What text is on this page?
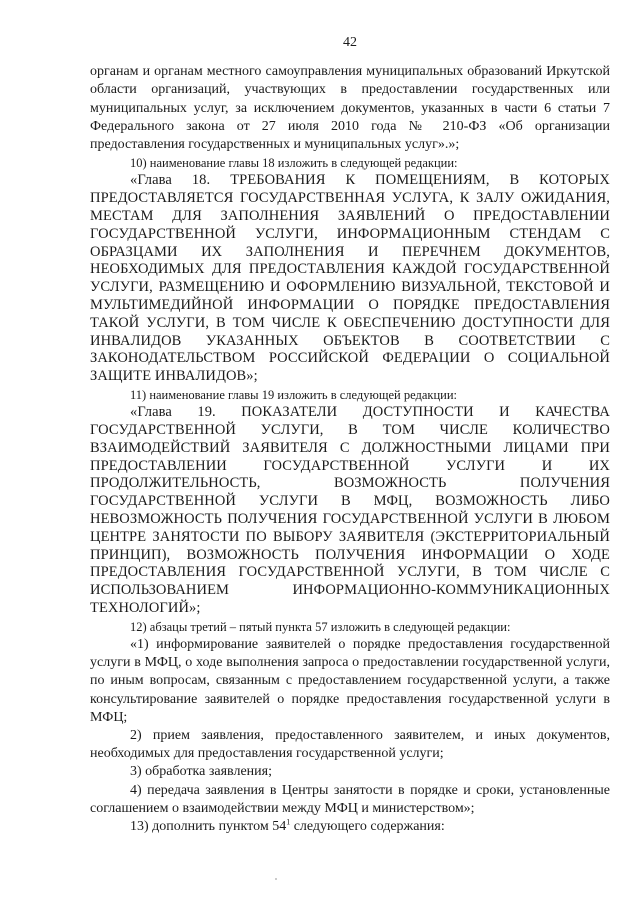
42

органам и органам местного самоуправления муниципальных образований Иркутской области организаций, участвующих в предоставлении государственных или муниципальных услуг, за исключением документов, указанных в части 6 статьи 7 Федерального закона от 27 июля 2010 года № 210-ФЗ «Об организации предоставления государственных и муниципальных услуг».»;

10) наименование главы 18 изложить в следующей редакции:

«Глава 18. ТРЕБОВАНИЯ К ПОМЕЩЕНИЯМ, В КОТОРЫХ ПРЕДОСТАВЛЯЕТСЯ ГОСУДАРСТВЕННАЯ УСЛУГА, К ЗАЛУ ОЖИДАНИЯ, МЕСТАМ ДЛЯ ЗАПОЛНЕНИЯ ЗАЯВЛЕНИЙ О ПРЕДОСТАВЛЕНИИ ГОСУДАРСТВЕННОЙ УСЛУГИ, ИНФОРМАЦИОННЫМ СТЕНДАМ С ОБРАЗЦАМИ ИХ ЗАПОЛНЕНИЯ И ПЕРЕЧНЕМ ДОКУМЕНТОВ, НЕОБХОДИМЫХ ДЛЯ ПРЕДОСТАВЛЕНИЯ КАЖДОЙ ГОСУДАРСТВЕННОЙ УСЛУГИ, РАЗМЕЩЕНИЮ И ОФОРМЛЕНИЮ ВИЗУАЛЬНОЙ, ТЕКСТОВОЙ И МУЛЬТИМЕДИЙНОЙ ИНФОРМАЦИИ О ПОРЯДКЕ ПРЕДОСТАВЛЕНИЯ ТАКОЙ УСЛУГИ, В ТОМ ЧИСЛЕ К ОБЕСПЕЧЕНИЮ ДОСТУПНОСТИ ДЛЯ ИНВАЛИДОВ УКАЗАННЫХ ОБЪЕКТОВ В СООТВЕТСТВИИ С ЗАКОНОДАТЕЛЬСТВОМ РОССИЙСКОЙ ФЕДЕРАЦИИ О СОЦИАЛЬНОЙ ЗАЩИТЕ ИНВАЛИДОВ»;

11) наименование главы 19 изложить в следующей редакции:

«Глава 19. ПОКАЗАТЕЛИ ДОСТУПНОСТИ И КАЧЕСТВА ГОСУДАРСТВЕННОЙ УСЛУГИ, В ТОМ ЧИСЛЕ КОЛИЧЕСТВО ВЗАИМОДЕЙСТВИЙ ЗАЯВИТЕЛЯ С ДОЛЖНОСТНЫМИ ЛИЦАМИ ПРИ ПРЕДОСТАВЛЕНИИ ГОСУДАРСТВЕННОЙ УСЛУГИ И ИХ ПРОДОЛЖИТЕЛЬНОСТЬ, ВОЗМОЖНОСТЬ ПОЛУЧЕНИЯ ГОСУДАРСТВЕННОЙ УСЛУГИ В МФЦ, ВОЗМОЖНОСТЬ ЛИБО НЕВОЗМОЖНОСТЬ ПОЛУЧЕНИЯ ГОСУДАРСТВЕННОЙ УСЛУГИ В ЛЮБОМ ЦЕНТРЕ ЗАНЯТОСТИ ПО ВЫБОРУ ЗАЯВИТЕЛЯ (ЭКСТЕРРИТОРИАЛЬНЫЙ ПРИНЦИП), ВОЗМОЖНОСТЬ ПОЛУЧЕНИЯ ИНФОРМАЦИИ О ХОДЕ ПРЕДОСТАВЛЕНИЯ ГОСУДАРСТВЕННОЙ УСЛУГИ, В ТОМ ЧИСЛЕ С ИСПОЛЬЗОВАНИЕМ ИНФОРМАЦИОННО-КОММУНИКАЦИОННЫХ ТЕХНОЛОГИЙ»;

12) абзацы третий – пятый пункта 57 изложить в следующей редакции:

«1) информирование заявителей о порядке предоставления государственной услуги в МФЦ, о ходе выполнения запроса о предоставлении государственной услуги, по иным вопросам, связанным с предоставлением государственной услуги, а также консультирование заявителей о порядке предоставления государственной услуги в МФЦ;

2) прием заявления, предоставленного заявителем, и иных документов, необходимых для предоставления государственной услуги;

3) обработка заявления;

4) передача заявления в Центры занятости в порядке и сроки, установленные соглашением о взаимодействии между МФЦ и министерством»;

13) дополнить пунктом $54^1$ следующего содержания:
